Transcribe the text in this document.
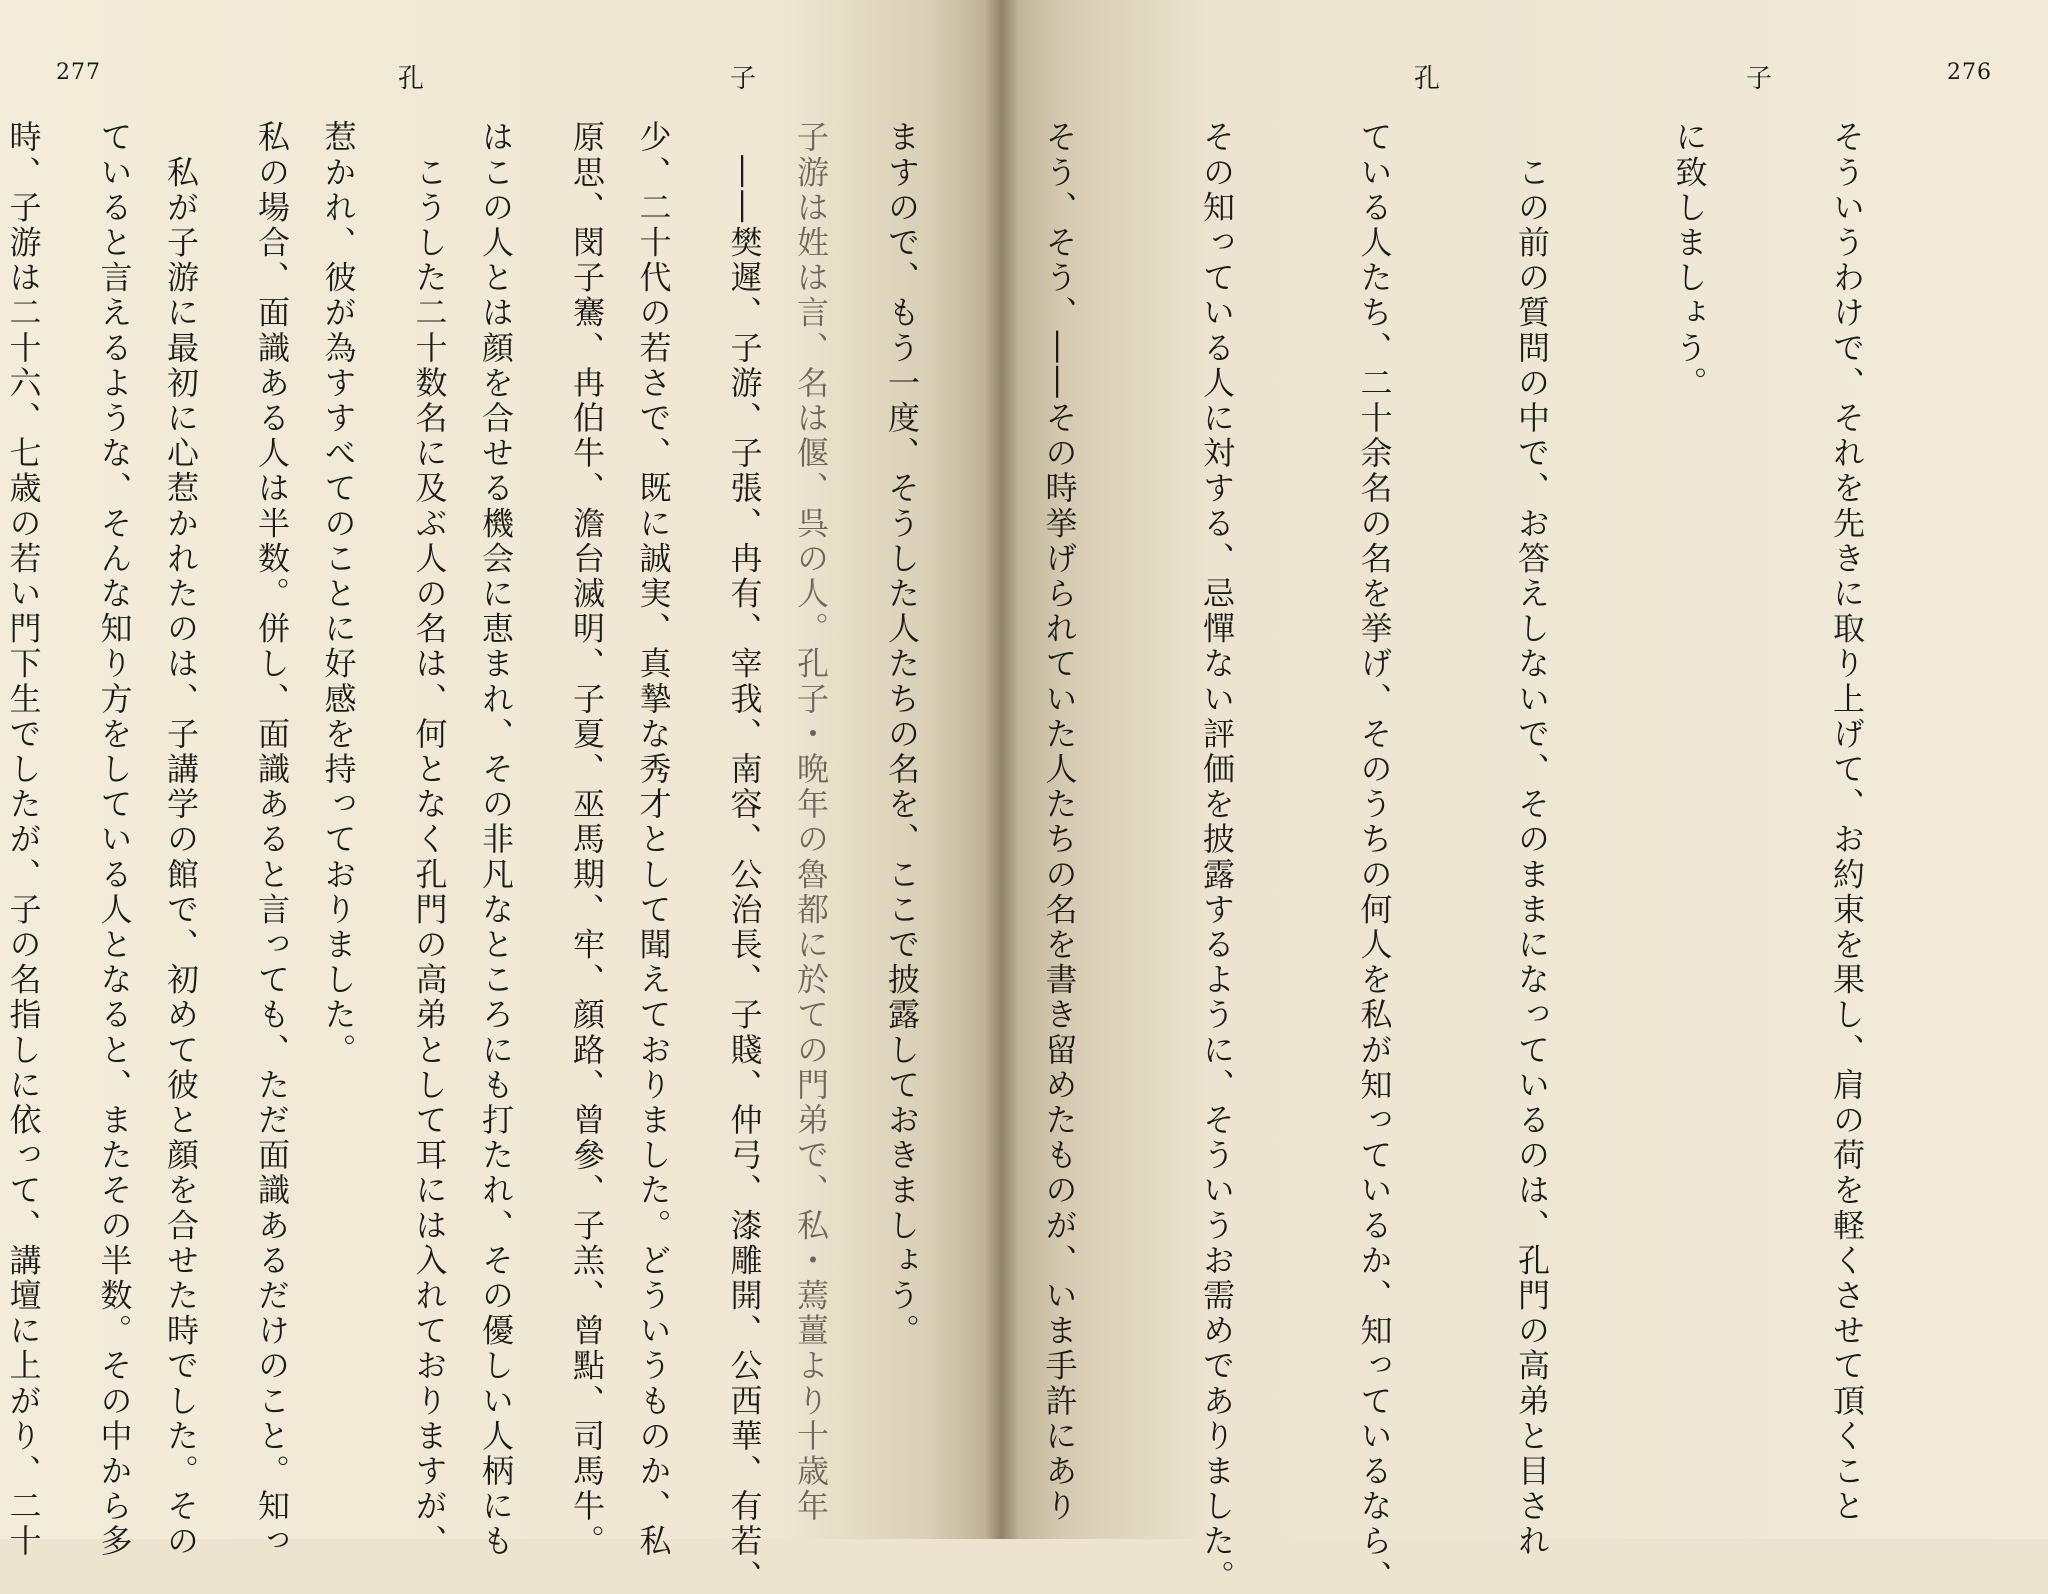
277	孔　子

子游は姓は言、名は偃、呉の人。孔子・晩年の魯都に於ての門弟で、私・蔫薑より十歳年

少、二十代の若さで、既に誠実、真摯な秀才として聞えておりました。どういうものか、私

はこの人とは顔を合せる機会に恵まれ、その非凡なところにも打たれ、その優しい人柄にも

惹かれ、彼が為すすべてのことに好感を持っておりました。

　私が子游に最初に心惹かれたのは、子講学の館で、初めて彼と顔を合せた時でした。その

時、子游は二十六、七歳の若い門下生でしたが、子の名指しに依って、講壇に上がり、二十

276
孔　子

そういうわけで、それを先きに取り上げて、お約束を果し、肩の荷を軽くさせて頂くこと

に致しましょう。

　この前の質問の中で、お答えしないで、そのままになっているのは、孔門の高弟と目され

ている人たち、二十余名の名を挙げ、そのうちの何人を私が知っているか、知っているなら、

その知っている人に対する、忌憚ない評価を披露するように、そういうお需めでありました。

そう、そう、――その時挙げられていた人たちの名を書き留めたものが、いま手許にあり

ますので、もう一度、そうした人たちの名を、ここで披露しておきましょう。

　――樊遲、子游、子張、冉有、宰我、南容、公治長、子賤、仲弓、漆雕開、公西華、有若、

原思、閔子騫、冉伯牛、澹台滅明、子夏、巫馬期、牢、顔路、曾參、子羔、曾點、司馬牛。

　こうした二十数名に及ぶ人の名は、何となく孔門の高弟として耳には入れておりますが、

私の場合、面識ある人は半数。併し、面識あると言っても、ただ面識あるだけのこと。知っ

ていると言えるような、そんな知り方をしている人となると、またその半数。その中から多
